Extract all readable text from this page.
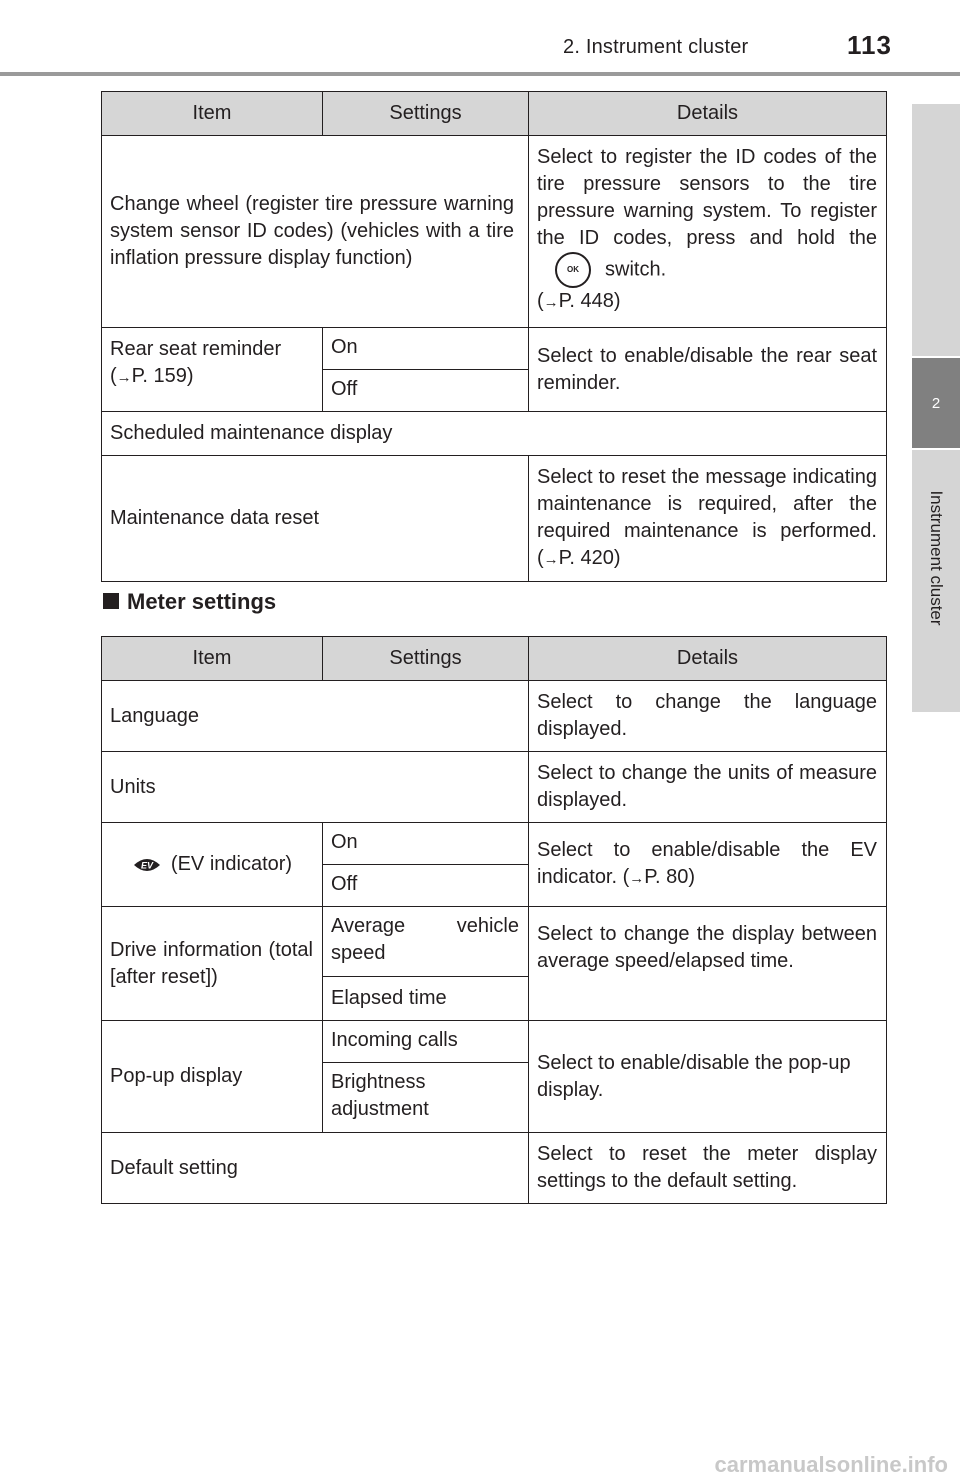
2. Instrument cluster	113
2
Instrument cluster
Item	Settings	Details
Change wheel (register tire pressure warning system sensor ID codes) (vehicles with a tire inflation pressure display function)		Select to register the ID codes of the tire pressure sensors to the tire pressure warning system. To register the ID codes, press and hold theOK switch.
(→P. 448)
Rear seat reminder (→P. 159)	On	Select to enable/disable the rear seat reminder.
	Off	
Scheduled maintenance display		
Maintenance data reset		Select to reset the message indicating maintenance is required, after the required maintenance is performed. (→P. 420)
Meter settings
Item	Settings	Details
Language		Select to change the language displayed.
Units		Select to change the units of measure displayed.

EV (EV indicator)	On	Select to enable/disable the EV indicator. (→P. 80)
	Off	
Drive information (total [after reset])	Average vehicle speed	Select to change the display between average speed/elapsed time.
	Elapsed time	
Pop-up display	Incoming calls	Select to enable/disable the pop-up display.
	Brightness adjustment	
Default setting		Select to reset the meter display settings to the default setting.
carmanualsonline.info
